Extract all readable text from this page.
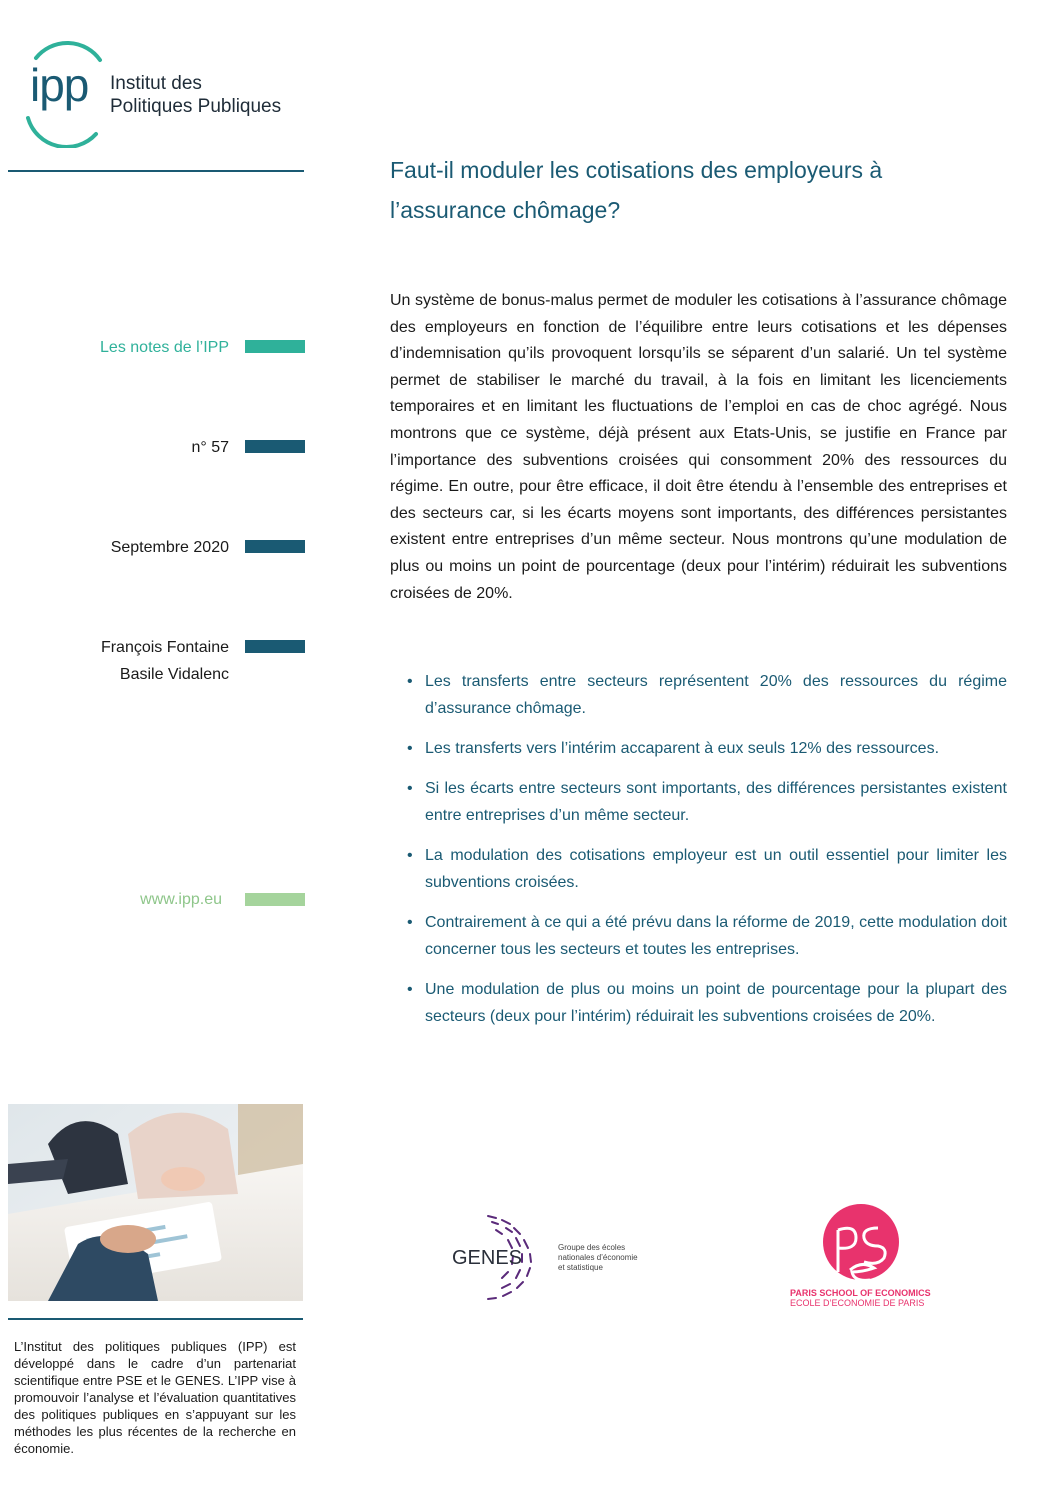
ipp Institut des
Politiques Publiques
Faut-il moduler les cotisations des employeurs à l’assurance chômage?
Un système de bonus-malus permet de moduler les cotisations à l’assurance chômage des employeurs en fonction de l’équilibre entre leurs cotisations et les dépenses d’indemnisation qu’ils provoquent lorsqu’ils se séparent d’un salarié. Un tel système permet de stabiliser le marché du travail, à la fois en limitant les licenciements temporaires et en limitant les fluctuations de l’emploi en cas de choc agrégé. Nous montrons que ce système, déjà présent aux Etats-Unis, se justifie en France par l’importance des subventions croisées qui consomment 20% des ressources du régime. En outre, pour être efficace, il doit être étendu à l’ensemble des entreprises et des secteurs car, si les écarts moyens sont importants, des différences persistantes existent entre entreprises d’un même secteur. Nous montrons qu’une modulation de plus ou moins un point de pourcentage (deux pour l’intérim) réduirait les subventions croisées de 20%.
Les notes de l’IPP
n° 57
Septembre 2020
François Fontaine
Basile Vidalenc
www.ipp.eu
• Les transferts entre secteurs représentent 20% des ressources du régime d’assurance chômage.
• Les transferts vers l’intérim accaparent à eux seuls 12% des ressources.
• Si les écarts entre secteurs sont importants, des différences persistantes existent entre entreprises d’un même secteur.
• La modulation des cotisations employeur est un outil essentiel pour limiter les subventions croisées.
• Contrairement à ce qui a été prévu dans la réforme de 2019, cette modulation doit concerner tous les secteurs et toutes les entreprises.
• Une modulation de plus ou moins un point de pourcentage pour la plupart des secteurs (deux pour l’intérim) réduirait les subventions croisées de 20%.
L’Institut des politiques publiques (IPP) est développé dans le cadre d’un partenariat scientifique entre PSE et le GENES. L’IPP vise à promouvoir l’analyse et l’évaluation quantitatives des politiques publiques en s’appuyant sur les méthodes les plus récentes de la recherche en économie.
GENES	Groupe des écoles
nationales d’économie
et statistique
PARIS SCHOOL OF ECONOMICS
ECOLE D’ECONOMIE DE PARIS
